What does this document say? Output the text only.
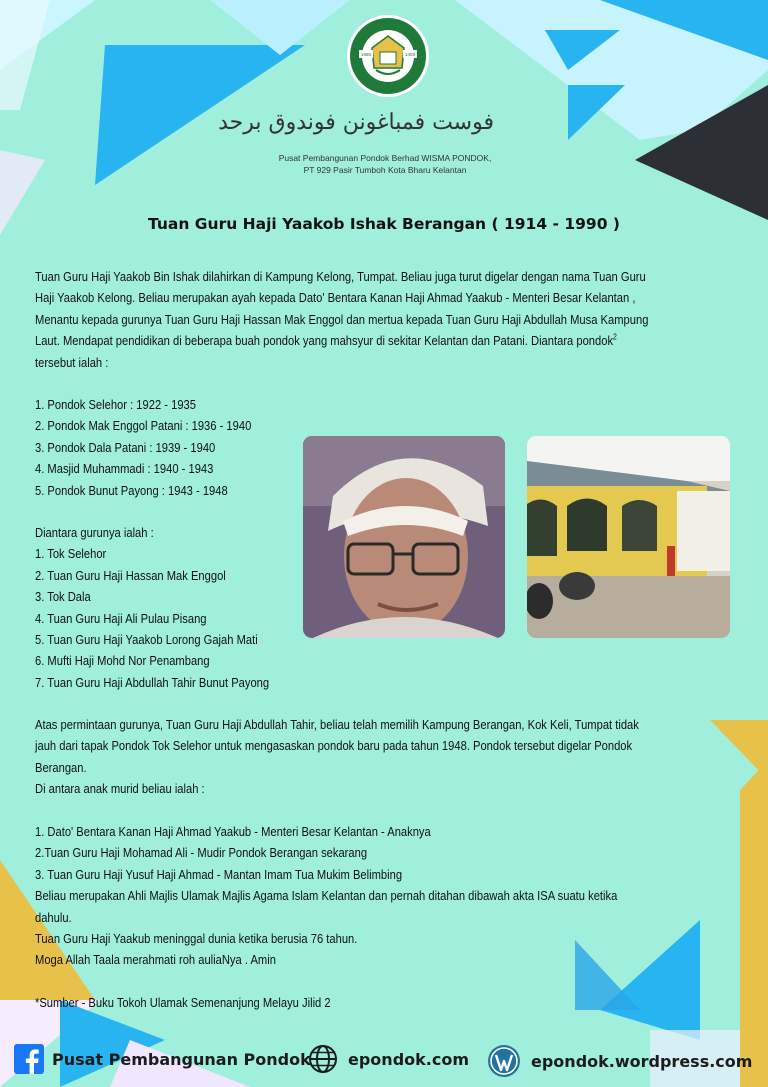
1988	1409
فوست فمباغونن فوندوق برحد
Pusat Pembangunan Pondok Berhad WISMA PONDOK,
PT 929 Pasir Tumboh Kota Bharu Kelantan
Tuan Guru Haji Yaakob Ishak Berangan ( 1914 - 1990 )
Tuan Guru Haji Yaakob Bin Ishak dilahirkan di Kampung Kelong, Tumpat. Beliau juga turut digelar dengan nama Tuan Guru
Haji Yaakob Kelong. Beliau merupakan ayah kepada Dato' Bentara Kanan Haji Ahmad Yaakub - Menteri Besar Kelantan ,
Menantu kepada gurunya Tuan Guru Haji Hassan Mak Enggol dan mertua kepada Tuan Guru Haji Abdullah Musa Kampung
Laut. Mendapat pendidikan di beberapa buah pondok yang mahsyur di sekitar Kelantan dan Patani. Diantara pondok$^2$
tersebut ialah :
1. Pondok Selehor : 1922 - 1935
2. Pondok Mak Enggol Patani : 1936 - 1940
3. Pondok Dala Patani : 1939 - 1940
4. Masjid Muhammadi : 1940 - 1943
5. Pondok Bunut Payong : 1943 - 1948
Diantara gurunya ialah :
1. Tok Selehor
2. Tuan Guru Haji Hassan Mak Enggol
3. Tok Dala
4. Tuan Guru Haji Ali Pulau Pisang
5. Tuan Guru Haji Yaakob Lorong Gajah Mati
6. Mufti Haji Mohd Nor Penambang
7. Tuan Guru Haji Abdullah Tahir Bunut Payong
Atas permintaan gurunya, Tuan Guru Haji Abdullah Tahir, beliau telah memilih Kampung Berangan, Kok Keli, Tumpat tidak
jauh dari tapak Pondok Tok Selehor untuk mengasaskan pondok baru pada tahun 1948. Pondok tersebut digelar Pondok
Berangan.
Di antara anak murid beliau ialah :
1. Dato' Bentara Kanan Haji Ahmad Yaakub - Menteri Besar Kelantan - Anaknya
2.Tuan Guru Haji Mohamad Ali - Mudir Pondok Berangan sekarang
3. Tuan Guru Haji Yusuf Haji Ahmad - Mantan Imam Tua Mukim Belimbing
Beliau merupakan Ahli Majlis Ulamak Majlis Agama Islam Kelantan dan pernah ditahan dibawah akta ISA suatu ketika
dahulu.
Tuan Guru Haji Yaakub meninggal dunia ketika berusia 76 tahun.
Moga Allah Taala merahmati roh auliaNya . Amin
*Sumber - Buku Tokoh Ulamak Semenanjung Melayu Jilid 2
Pusat Pembangunan Pondok epondok.com	epondok.wordpress.com
